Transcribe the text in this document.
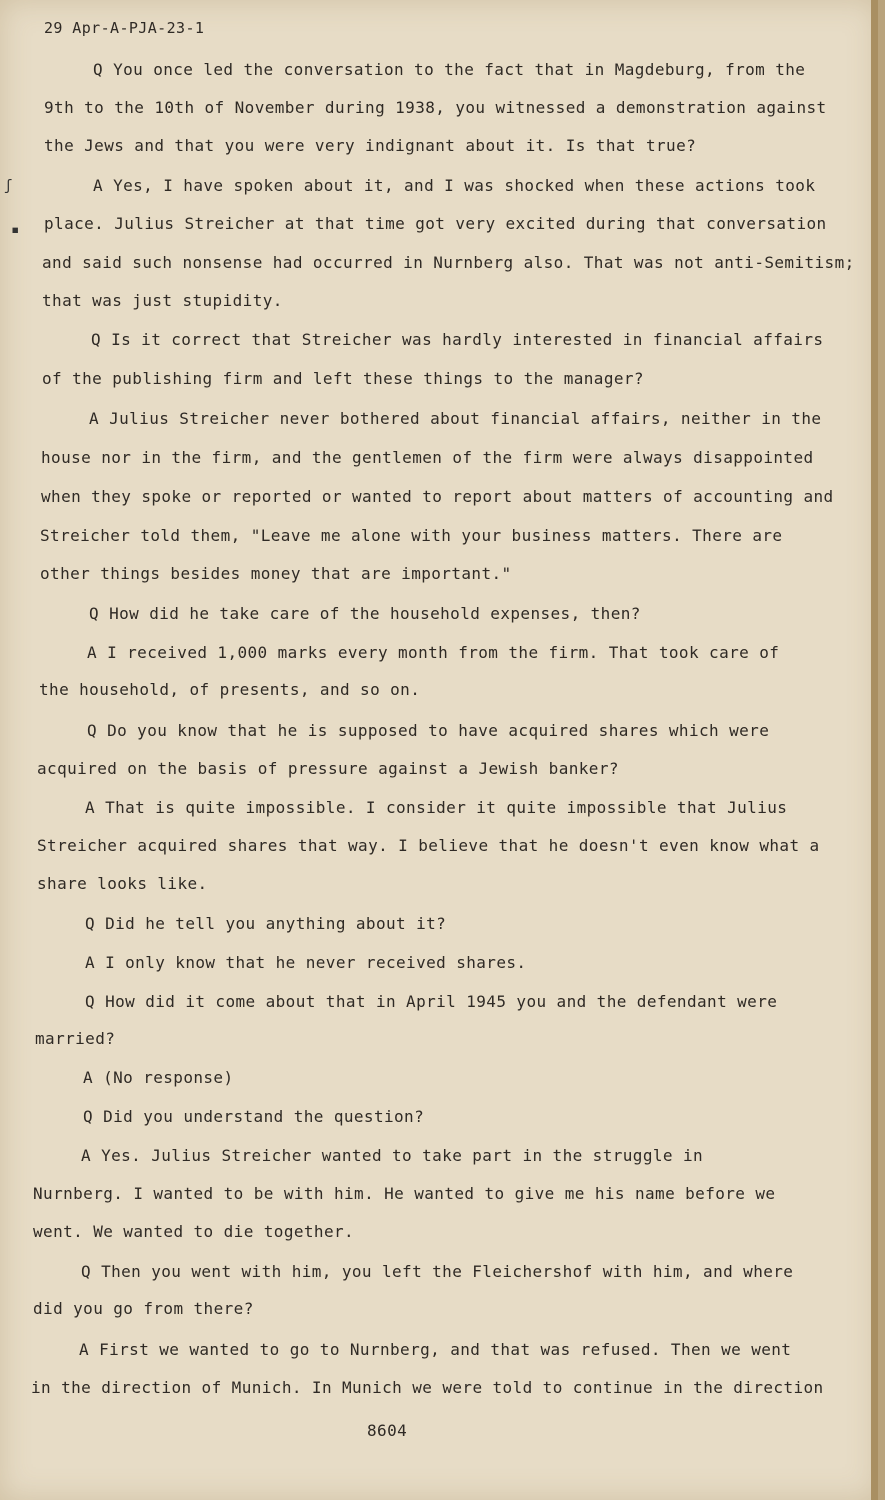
29 Apr-A-PJA-23-1
ʃ
▪
Q You once led the conversation to the fact that in Magdeburg, from the
9th to the 10th of November during 1938, you witnessed a demonstration against
the Jews and that you were very indignant about it. Is that true?
A Yes, I have spoken about it, and I was shocked when these actions took
place. Julius Streicher at that time got very excited during that conversation
and said such nonsense had occurred in Nurnberg also. That was not anti-Semitism;
that was just stupidity.
Q Is it correct that Streicher was hardly interested in financial affairs
of the publishing firm and left these things to the manager?
A Julius Streicher never bothered about financial affairs, neither in the
house nor in the firm, and the gentlemen of the firm were always disappointed
when they spoke or reported or wanted to report about matters of accounting and
Streicher told them, "Leave me alone with your business matters. There are
other things besides money that are important."
Q How did he take care of the household expenses, then?
A I received 1,000 marks every month from the firm. That took care of
the household, of presents, and so on.
Q Do you know that he is supposed to have acquired shares which were
acquired on the basis of pressure against a Jewish banker?
A That is quite impossible. I consider it quite impossible that Julius
Streicher acquired shares that way. I believe that he doesn't even know what a
share looks like.
Q Did he tell you anything about it?
A I only know that he never received shares.
Q How did it come about that in April 1945 you and the defendant were
married?
A (No response)
Q Did you understand the question?
A Yes. Julius Streicher wanted to take part in the struggle in
Nurnberg. I wanted to be with him. He wanted to give me his name before we
went. We wanted to die together.
Q Then you went with him, you left the Fleichershof with him, and where
did you go from there?
A First we wanted to go to Nurnberg, and that was refused. Then we went
in the direction of Munich. In Munich we were told to continue in the direction
8604
